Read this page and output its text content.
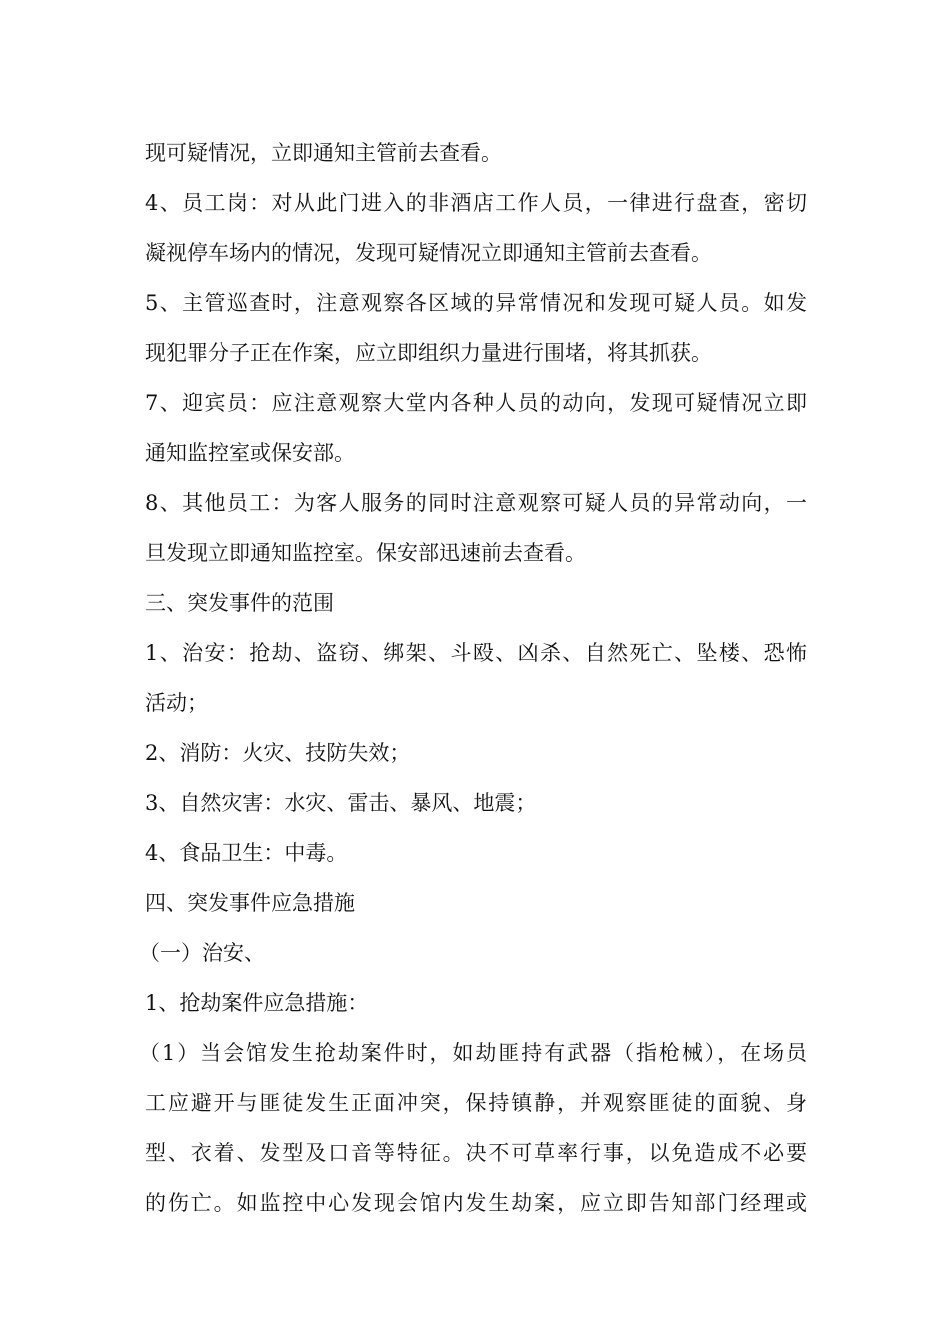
现可疑情况，立即通知主管前去查看。
4、员工岗：对从此门进入的非酒店工作人员，一律进行盘查，密切
凝视停车场内的情况，发现可疑情况立即通知主管前去查看。
5、主管巡查时，注意观察各区域的异常情况和发现可疑人员。如发
现犯罪分子正在作案，应立即组织力量进行围堵，将其抓获。
7、迎宾员：应注意观察大堂内各种人员的动向，发现可疑情况立即
通知监控室或保安部。
8、其他员工：为客人服务的同时注意观察可疑人员的异常动向，一
旦发现立即通知监控室。保安部迅速前去查看。
三、突发事件的范围
1、治安：抢劫、盗窃、绑架、斗殴、凶杀、自然死亡、坠楼、恐怖
活动；
2、消防：火灾、技防失效；
3、自然灾害：水灾、雷击、暴风、地震；
4、食品卫生：中毒。
四、突发事件应急措施
（一）治安、
1、抢劫案件应急措施：
（1）当会馆发生抢劫案件时，如劫匪持有武器（指枪械），在场员
工应避开与匪徒发生正面冲突，保持镇静，并观察匪徒的面貌、身
型、衣着、发型及口音等特征。决不可草率行事，以免造成不必要
的伤亡。如监控中心发现会馆内发生劫案，应立即告知部门经理或
